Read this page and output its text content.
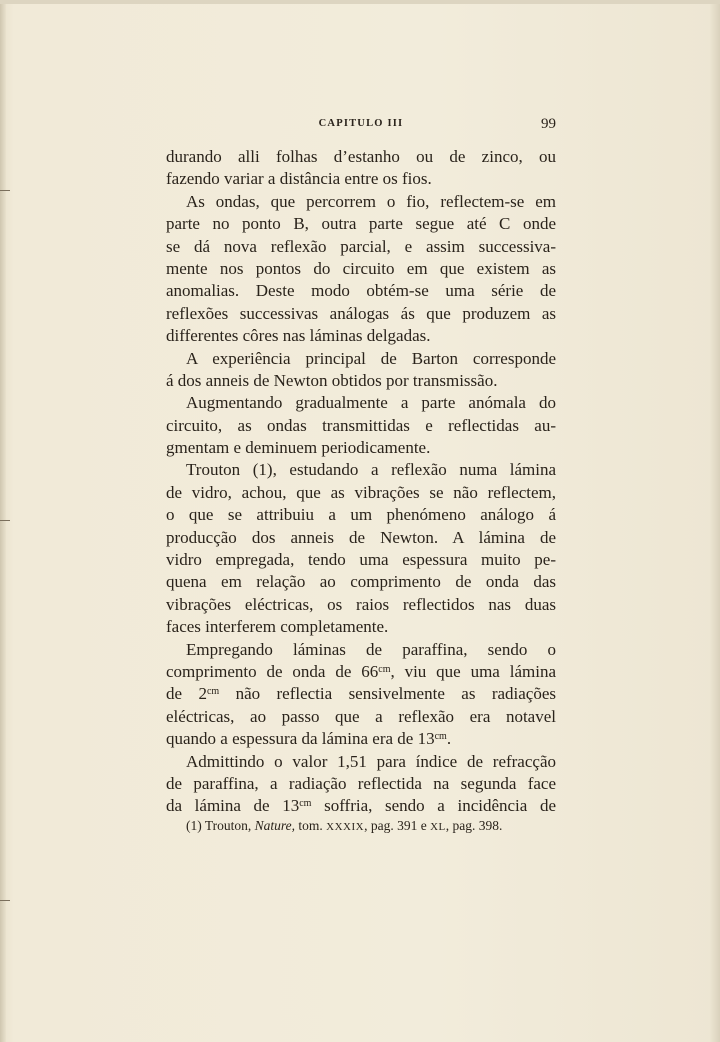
CAPITULO III	99
durando alli folhas d’estanho ou de zinco, ou
fazendo variar a distância entre os fios.
As ondas, que percorrem o fio, reflectem-se em
parte no ponto B, outra parte segue até C onde
se dá nova reflexão parcial, e assim successiva-
mente nos pontos do circuito em que existem as
anomalias. Deste modo obtém-se uma série de
reflexões successivas análogas ás que produzem as
differentes côres nas láminas delgadas.
A experiência principal de Barton corresponde
á dos anneis de Newton obtidos por transmissão.
Augmentando gradualmente a parte anómala do
circuito, as ondas transmittidas e reflectidas au-
gmentam e deminuem periodicamente.
Trouton (1), estudando a reflexão numa lámina
de vidro, achou, que as vibrações se não reflectem,
o que se attribuiu a um phenómeno análogo á
producção dos anneis de Newton. A lámina de
vidro empregada, tendo uma espessura muito pe-
quena em relação ao comprimento de onda das
vibrações eléctricas, os raios reflectidos nas duas
faces interferem completamente.
Empregando láminas de paraffina, sendo o
comprimento de onda de $66^{cm}$, viu que uma lámina
de $2^{cm}$ não reflectia sensivelmente as radiações
eléctricas, ao passo que a reflexão era notavel
quando a espessura da lámina era de $13^{cm}$.
Admittindo o valor 1,51 para índice de refracção
de paraffina, a radiação reflectida na segunda face
da lámina de $13^{cm}$ soffria, sendo a incidência de
(1) Trouton, Nature, tom. XXXIX, pag. 391 e XL, pag. 398.
